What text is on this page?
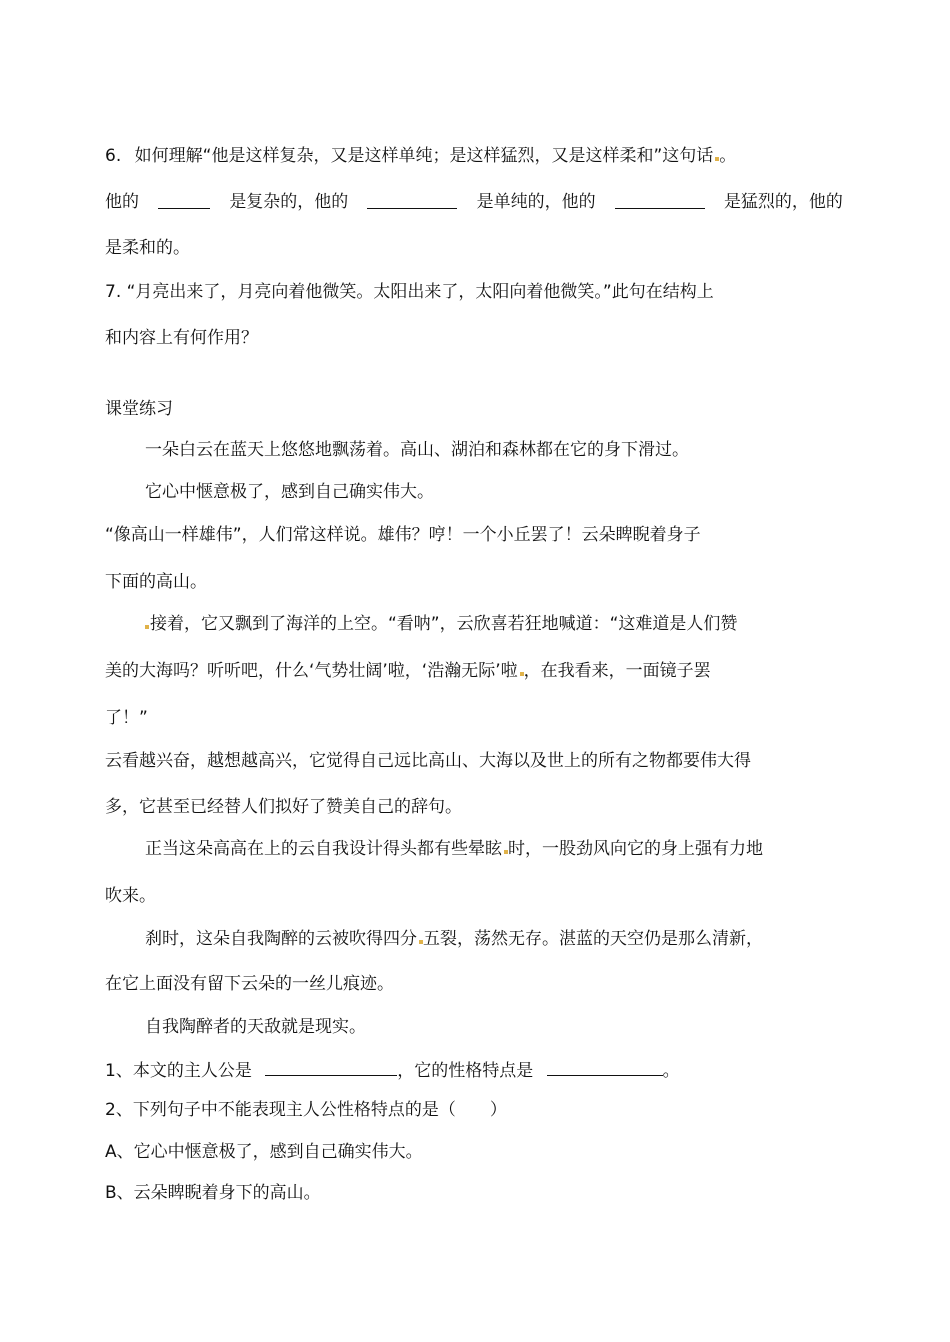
6. 如何理解“他是这样复杂，又是这样单纯；是这样猛烈，又是这样柔和”这句话 。
他的	是复杂的，他的	是单纯的，他的	是猛烈的，他的
是柔和的。
7. “月亮出来了，月亮向着他微笑。太阳出来了，太阳向着他微笑。”此句在结构上
和内容上有何作用？
课堂练习
一朵白云在蓝天上悠悠地飘荡着。高山、湖泊和森林都在它的身下滑过。
它心中惬意极了，感到自己确实伟大。
“像高山一样雄伟”，人们常这样说。雄伟？哼！一个小丘罢了！云朵睥睨着身子
下面的高山。
接着，它又飘到了海洋的上空。“看呐”，云欣喜若狂地喊道：“这难道是人们赞
美的大海吗？听听吧，什么‘气势壮阔’啦，‘浩瀚无际’啦 ，在我看来，一面镜子罢
了！”
云看越兴奋，越想越高兴，它觉得自己远比高山、大海以及世上的所有之物都要伟大得
多，它甚至已经替人们拟好了赞美自己的辞句。
正当这朵高高在上的云自我设计得头都有些晕眩 时，一股劲风向它的身上强有力地
吹来。
刹时，这朵自我陶醉的云被吹得四分 五裂，荡然无存。湛蓝的天空仍是那么清新，
在它上面没有留下云朵的一丝儿痕迹。
自我陶醉者的天敌就是现实。
1、本文的主人公是	，它的性格特点是	。
2、下列句子中不能表现主人公性格特点的是（　　）
A、它心中惬意极了，感到自己确实伟大。
B、云朵睥睨着身下的高山。
